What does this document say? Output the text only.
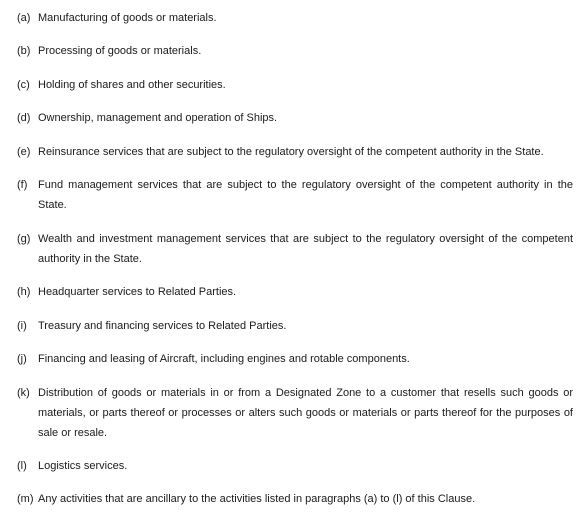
(a) Manufacturing of goods or materials.
(b) Processing of goods or materials.
(c) Holding of shares and other securities.
(d) Ownership, management and operation of Ships.
(e) Reinsurance services that are subject to the regulatory oversight of the competent authority in the State.
(f) Fund management services that are subject to the regulatory oversight of the competent authority in the State.
(g) Wealth and investment management services that are subject to the regulatory oversight of the competent authority in the State.
(h) Headquarter services to Related Parties.
(i) Treasury and financing services to Related Parties.
(j) Financing and leasing of Aircraft, including engines and rotable components.
(k) Distribution of goods or materials in or from a Designated Zone to a customer that resells such goods or materials, or parts thereof or processes or alters such goods or materials or parts thereof for the purposes of sale or resale.
(l) Logistics services.
(m) Any activities that are ancillary to the activities listed in paragraphs (a) to (l) of this Clause.
